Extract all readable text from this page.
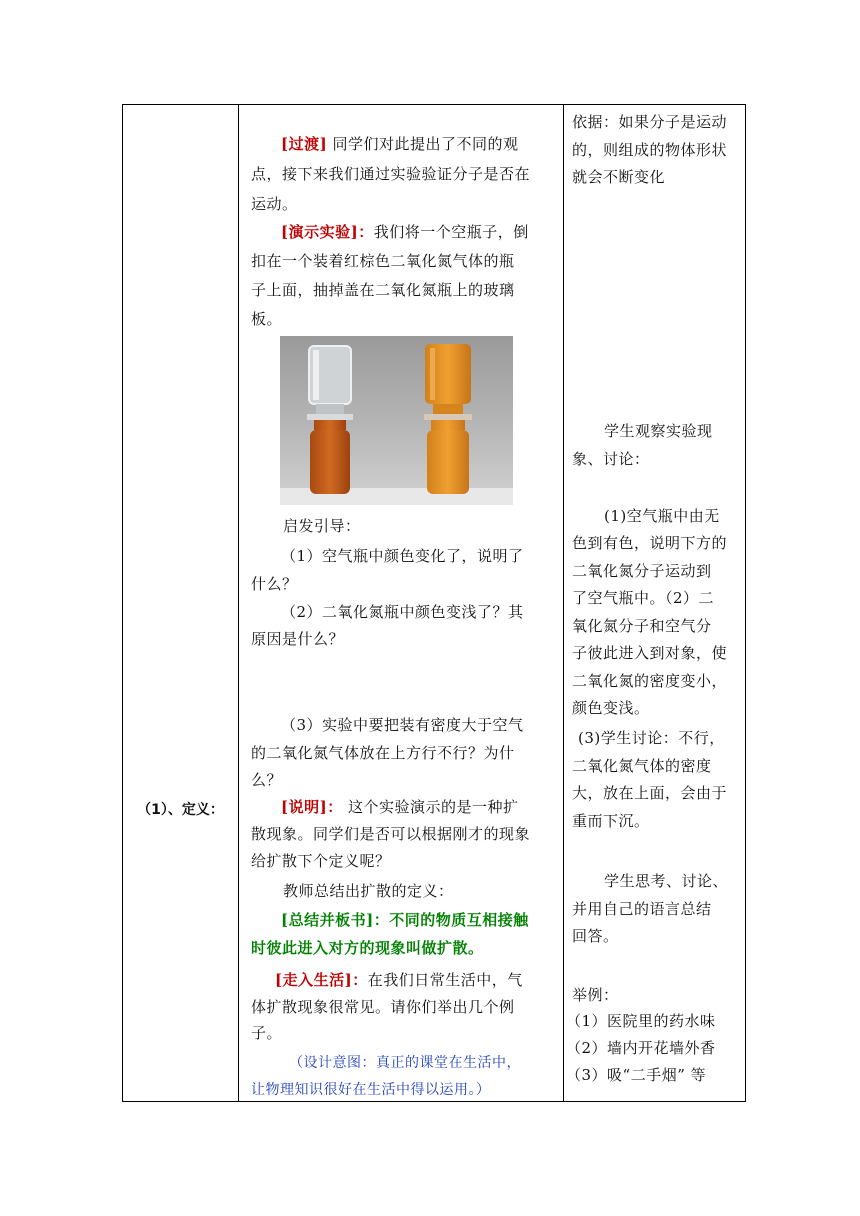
（1）、定义：
[过渡] 同学们对此提出了不同的观
点，接下来我们通过实验验证分子是否在
运动。
[演示实验]：我们将一个空瓶子，倒
扣在一个装着红棕色二氧化氮气体的瓶
子上面，抽掉盖在二氧化氮瓶上的玻璃
板。
启发引导：
（1）空气瓶中颜色变化了，说明了
什么？
（2）二氧化氮瓶中颜色变浅了？其
原因是什么？
（3）实验中要把装有密度大于空气
的二氧化氮气体放在上方行不行？为什
么？
[说明]： 这个实验演示的是一种扩
散现象。同学们是否可以根据刚才的现象
给扩散下个定义呢？
教师总结出扩散的定义：
[总结并板书]：不同的物质互相接触
时彼此进入对方的现象叫做扩散。
[走入生活]：在我们日常生活中，气
体扩散现象很常见。请你们举出几个例
子。
（设计意图：真正的课堂在生活中，
让物理知识很好在生活中得以运用。）
依据：如果分子是运动
的，则组成的物体形状
就会不断变化
学生观察实验现
象、讨论：
(1)空气瓶中由无
色到有色，说明下方的
二氧化氮分子运动到
了空气瓶中。（2）二
氧化氮分子和空气分
子彼此进入到对象，使
二氧化氮的密度变小，
颜色变浅。
(3)学生讨论：不行，
二氧化氮气体的密度
大，放在上面，会由于
重而下沉。
学生思考、讨论、
并用自己的语言总结
回答。
举例：
（1）医院里的药水味
（2）墙内开花墙外香
（3）吸“二手烟” 等
